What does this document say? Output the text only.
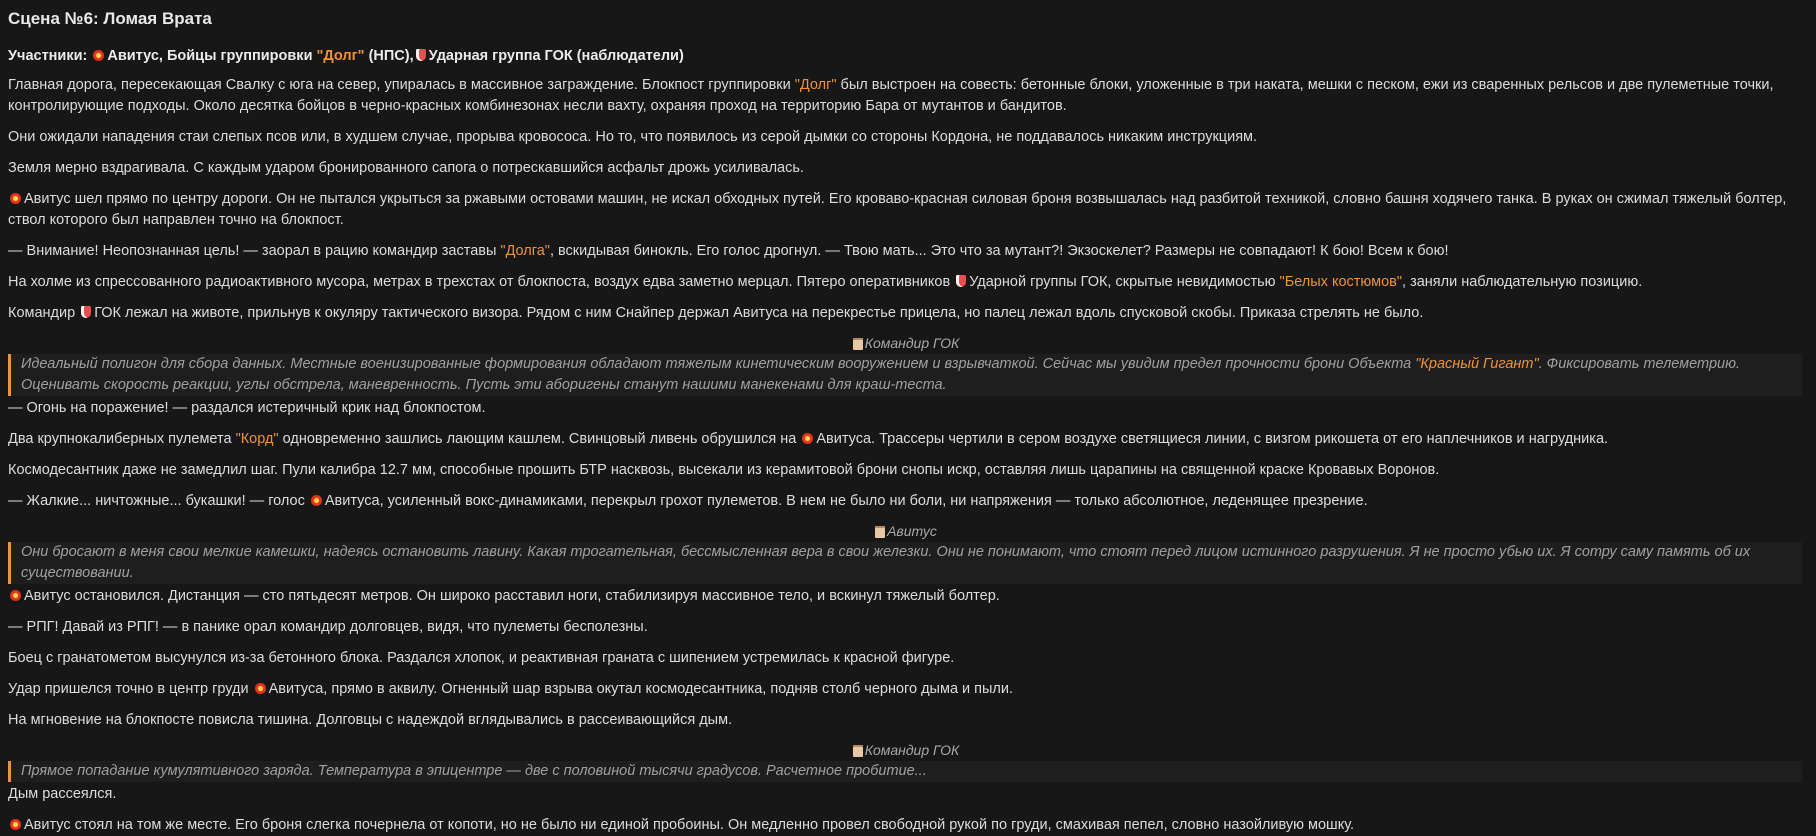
Сцена №6: Ломая Врата
Участники: Авитус, Бойцы группировки "Долг" (НПС), Ударная группа ГОК (наблюдатели)

Главная дорога, пересекающая Свалку с юга на север, упиралась в массивное заграждение. Блокпост группировки "Долг" был выстроен на совесть: бетонные блоки, уложенные в три наката, мешки с песком, ежи из сваренных рельсов и две пулеметные точки, контролирующие подходы. Около десятка бойцов в черно-красных комбинезонах несли вахту, охраняя проход на территорию Бара от мутантов и бандитов.

Они ожидали нападения стаи слепых псов или, в худшем случае, прорыва кровососа. Но то, что появилось из серой дымки со стороны Кордона, не поддавалось никаким инструкциям.

Земля мерно вздрагивала. С каждым ударом бронированного сапога о потрескавшийся асфальт дрожь усиливалась.

Авитус шел прямо по центру дороги. Он не пытался укрыться за ржавыми остовами машин, не искал обходных путей. Его кроваво-красная силовая броня возвышалась над разбитой техникой, словно башня ходячего танка. В руках он сжимал тяжелый болтер, ствол которого был направлен точно на блокпост.

— Внимание! Неопознанная цель! — заорал в рацию командир заставы "Долга", вскидывая бинокль. Его голос дрогнул. — Твою мать... Это что за мутант?! Экзоскелет? Размеры не совпадают! К бою! Всем к бою!

На холме из спрессованного радиоактивного мусора, метрах в трехстах от блокпоста, воздух едва заметно мерцал. Пятеро оперативников Ударной группы ГОК, скрытые невидимостью "Белых костюмов", заняли наблюдательную позицию.

Командир ГОК лежал на животе, прильнув к окуляру тактического визора. Рядом с ним Снайпер держал Авитуса на перекрестье прицела, но палец лежал вдоль спусковой скобы. Приказа стрелять не было.

Командир ГОК
Идеальный полигон для сбора данных. Местные военизированные формирования обладают тяжелым кинетическим вооружением и взрывчаткой. Сейчас мы увидим предел прочности брони Объекта "Красный Гигант". Фиксировать телеметрию. Оценивать скорость реакции, углы обстрела, маневренность. Пусть эти аборигены станут нашими манекенами для краш-теста.

— Огонь на поражение! — раздался истеричный крик над блокпостом.

Два крупнокалиберных пулемета "Корд" одновременно зашлись лающим кашлем. Свинцовый ливень обрушился на Авитуса. Трассеры чертили в сером воздухе светящиеся линии, с визгом рикошета от его наплечников и нагрудника.

Космодесантник даже не замедлил шаг. Пули калибра 12.7 мм, способные прошить БТР насквозь, высекали из керамитовой брони снопы искр, оставляя лишь царапины на священной краске Кровавых Воронов.

— Жалкие... ничтожные... букашки! — голос Авитуса, усиленный вокс-динамиками, перекрыл грохот пулеметов. В нем не было ни боли, ни напряжения — только абсолютное, леденящее презрение.

Авитус
Они бросают в меня свои мелкие камешки, надеясь остановить лавину. Какая трогательная, бессмысленная вера в свои железки. Они не понимают, что стоят перед лицом истинного разрушения. Я не просто убью их. Я сотру саму память об их существовании.

Авитус остановился. Дистанция — сто пятьдесят метров. Он широко расставил ноги, стабилизируя массивное тело, и вскинул тяжелый болтер.

— РПГ! Давай из РПГ! — в панике орал командир долговцев, видя, что пулеметы бесполезны.

Боец с гранатометом высунулся из-за бетонного блока. Раздался хлопок, и реактивная граната с шипением устремилась к красной фигуре.

Удар пришелся точно в центр груди Авитуса, прямо в аквилу. Огненный шар взрыва окутал космодесантника, подняв столб черного дыма и пыли.

На мгновение на блокпосте повисла тишина. Долговцы с надеждой вглядывались в рассеивающийся дым.

Командир ГОК
Прямое попадание кумулятивного заряда. Температура в эпицентре — две с половиной тысячи градусов. Расчетное пробитие...

Дым рассеялся.

Авитус стоял на том же месте. Его броня слегка почернела от копоти, но не было ни единой пробоины. Он медленно провел свободной рукой по груди, смахивая пепел, словно назойливую мошку.
